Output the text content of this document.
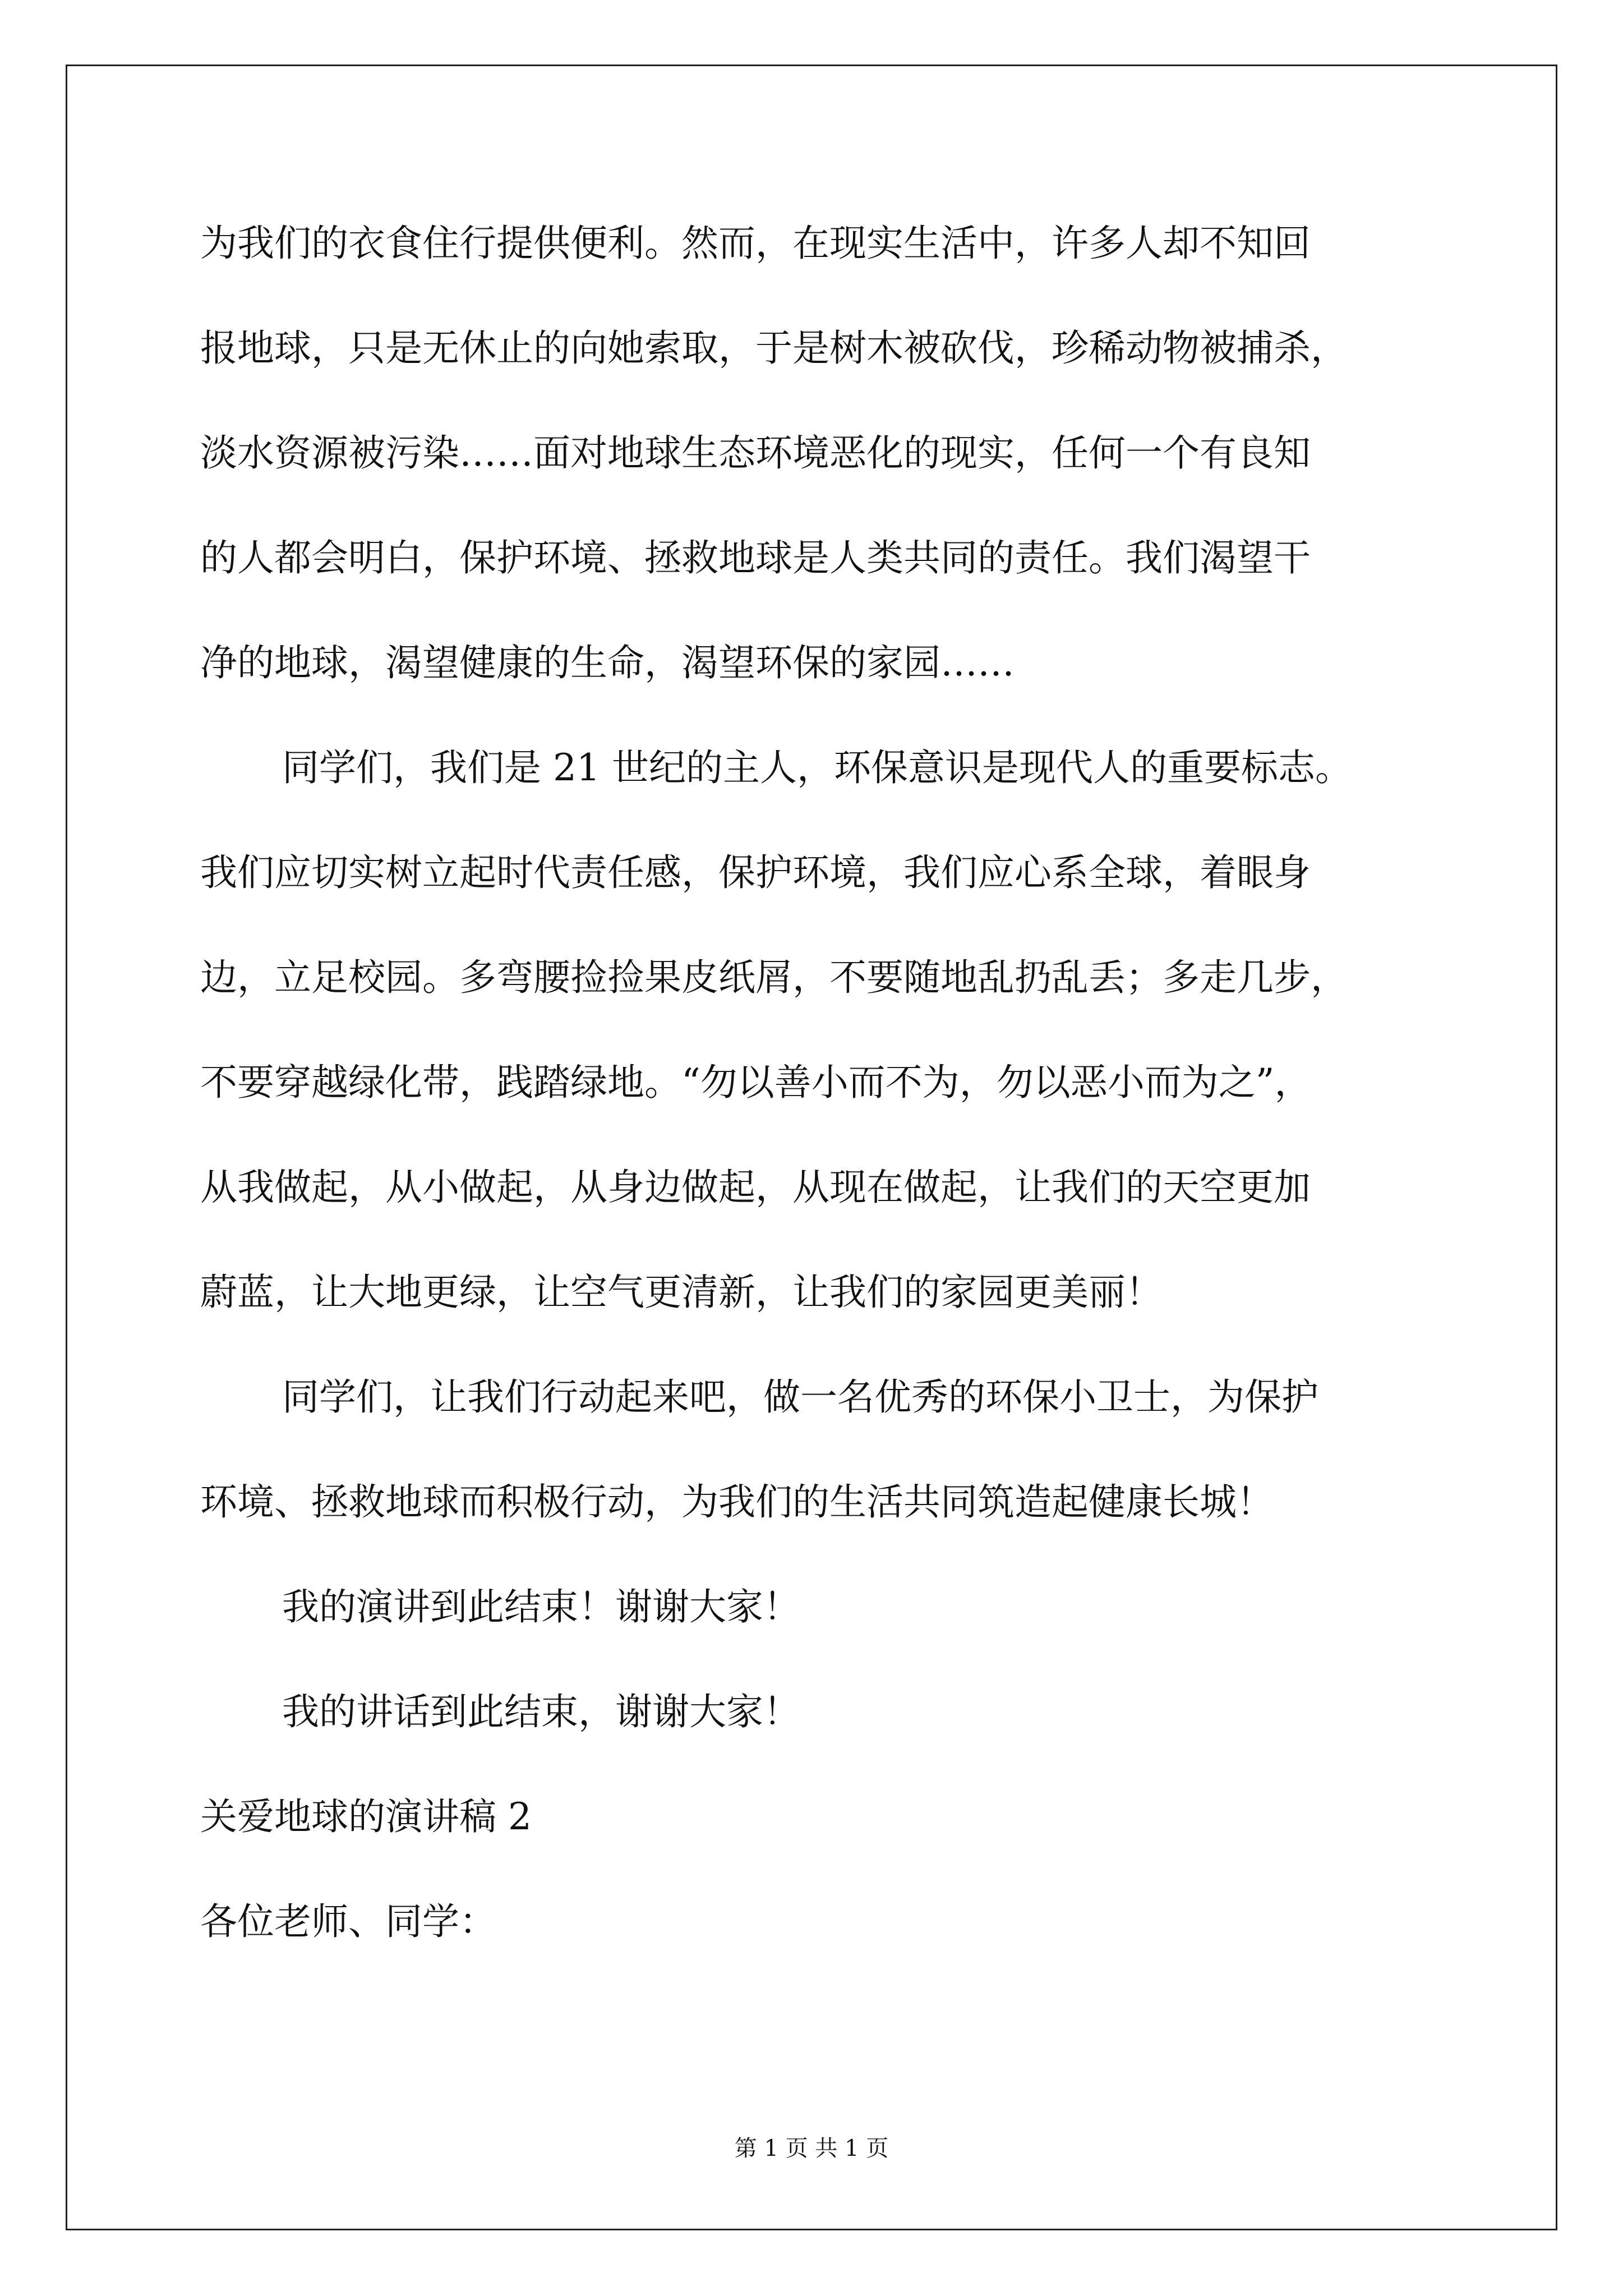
为我们的衣食住行提供便利。然而，在现实生活中，许多人却不知回

报地球，只是无休止的向她索取，于是树木被砍伐，珍稀动物被捕杀，

淡水资源被污染……面对地球生态环境恶化的现实，任何一个有良知

的人都会明白，保护环境、拯救地球是人类共同的责任。我们渴望干

净的地球，渴望健康的生命，渴望环保的家园……

同学们，我们是 21 世纪的主人，环保意识是现代人的重要标志。

我们应切实树立起时代责任感，保护环境，我们应心系全球，着眼身

边，立足校园。多弯腰捡捡果皮纸屑，不要随地乱扔乱丢；多走几步，

不要穿越绿化带，践踏绿地。“勿以善小而不为，勿以恶小而为之”，

从我做起，从小做起，从身边做起，从现在做起，让我们的天空更加

蔚蓝，让大地更绿，让空气更清新，让我们的家园更美丽！

同学们，让我们行动起来吧，做一名优秀的环保小卫士，为保护

环境、拯救地球而积极行动，为我们的生活共同筑造起健康长城！

我的演讲到此结束！谢谢大家！

我的讲话到此结束，谢谢大家！

关爱地球的演讲稿 2

各位老师、同学：

第 1 页 共 1 页
